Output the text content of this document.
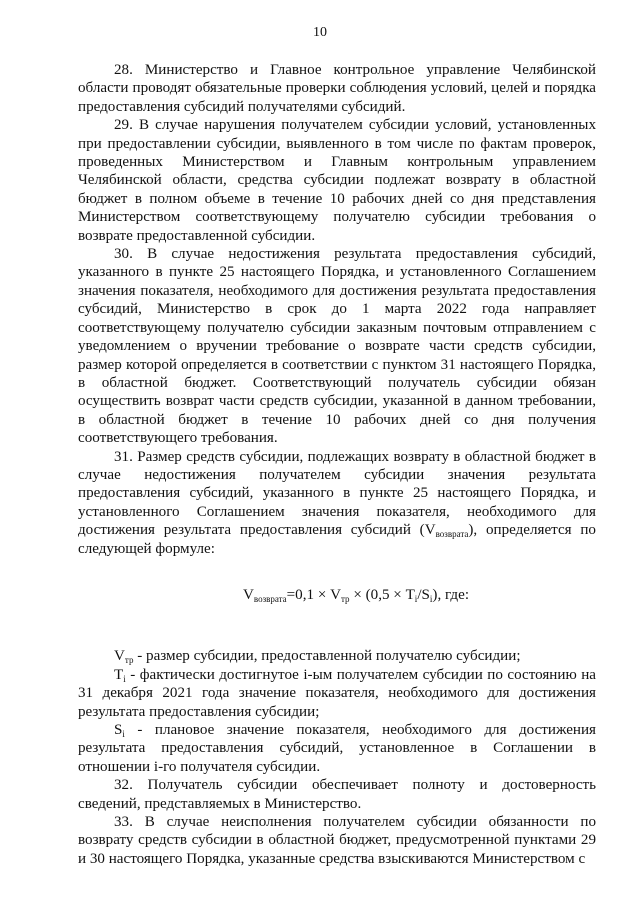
10

28. Министерство и Главное контрольное управление Челябинской области проводят обязательные проверки соблюдения условий, целей и порядка предоставления субсидий получателями субсидий.

29. В случае нарушения получателем субсидии условий, установленных при предоставлении субсидии, выявленного в том числе по фактам проверок, проведенных Министерством и Главным контрольным управлением Челябинской области, средства субсидии подлежат возврату в областной бюджет в полном объеме в течение 10 рабочих дней со дня представления Министерством соответствующему получателю субсидии требования о возврате предоставленной субсидии.

30. В случае недостижения результата предоставления субсидий, указанного в пункте 25 настоящего Порядка, и установленного Соглашением значения показателя, необходимого для достижения результата предоставления субсидий, Министерство в срок до 1 марта 2022 года направляет соответствующему получателю субсидии заказным почтовым отправлением с уведомлением о вручении требование о возврате части средств субсидии, размер которой определяется в соответствии с пунктом 31 настоящего Порядка, в областной бюджет. Соответствующий получатель субсидии обязан осуществить возврат части средств субсидии, указанной в данном требовании, в областной бюджет в течение 10 рабочих дней со дня получения соответствующего требования.

31. Размер средств субсидии, подлежащих возврату в областной бюджет в случае недостижения получателем субсидии значения результата предоставления субсидий, указанного в пункте 25 настоящего Порядка, и установленного Соглашением значения показателя, необходимого для достижения результата предоставления субсидий $(V_{возврата})$, определяется по следующей формуле:

$V_{возврата}=0,1 \times V_{тр} \times (0,5 \times T_i/S_i)$, где:

$V_{тр}$ - размер субсидии, предоставленной получателю субсидии;

$T_i$ - фактически достигнутое i-ым получателем субсидии по состоянию на 31 декабря 2021 года значение показателя, необходимого для достижения результата предоставления субсидии;

$S_i$ - плановое значение показателя, необходимого для достижения результата предоставления субсидий, установленное в Соглашении в отношении i-го получателя субсидии.

32. Получатель субсидии обеспечивает полноту и достоверность сведений, представляемых в Министерство.

33. В случае неисполнения получателем субсидии обязанности по возврату средств субсидии в областной бюджет, предусмотренной пунктами 29 и 30 настоящего Порядка, указанные средства взыскиваются Министерством с
